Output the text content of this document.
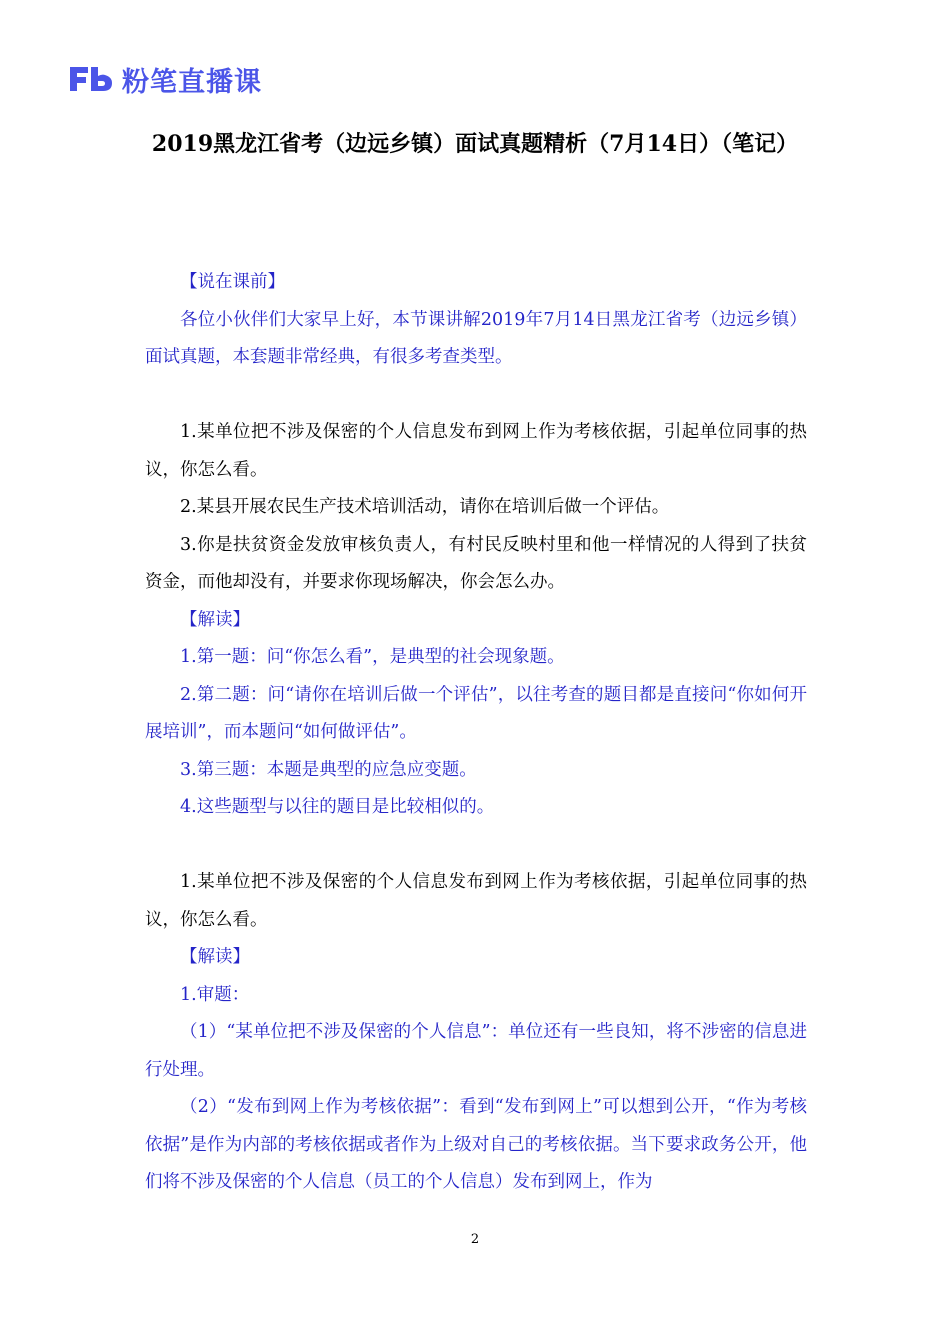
粉笔直播课
2019黑龙江省考（边远乡镇）面试真题精析（7月14日）（笔记）

【说在课前】

各位小伙伴们大家早上好，本节课讲解2019年7月14日黑龙江省考（边远乡镇）面试真题，本套题非常经典，有很多考查类型。

1.某单位把不涉及保密的个人信息发布到网上作为考核依据，引起单位同事的热议，你怎么看。

2.某县开展农民生产技术培训活动，请你在培训后做一个评估。

3.你是扶贫资金发放审核负责人，有村民反映村里和他一样情况的人得到了扶贫资金，而他却没有，并要求你现场解决，你会怎么办。

【解读】

1.第一题：问“你怎么看”，是典型的社会现象题。

2.第二题：问“请你在培训后做一个评估”，以往考查的题目都是直接问“你如何开展培训”，而本题问“如何做评估”。

3.第三题：本题是典型的应急应变题。

4.这些题型与以往的题目是比较相似的。

1.某单位把不涉及保密的个人信息发布到网上作为考核依据，引起单位同事的热议，你怎么看。

【解读】

1.审题：

（1）“某单位把不涉及保密的个人信息”：单位还有一些良知，将不涉密的信息进行处理。

（2）“发布到网上作为考核依据”：看到“发布到网上”可以想到公开，“作为考核依据”是作为内部的考核依据或者作为上级对自己的考核依据。当下要求政务公开，他们将不涉及保密的个人信息（员工的个人信息）发布到网上，作为

2
